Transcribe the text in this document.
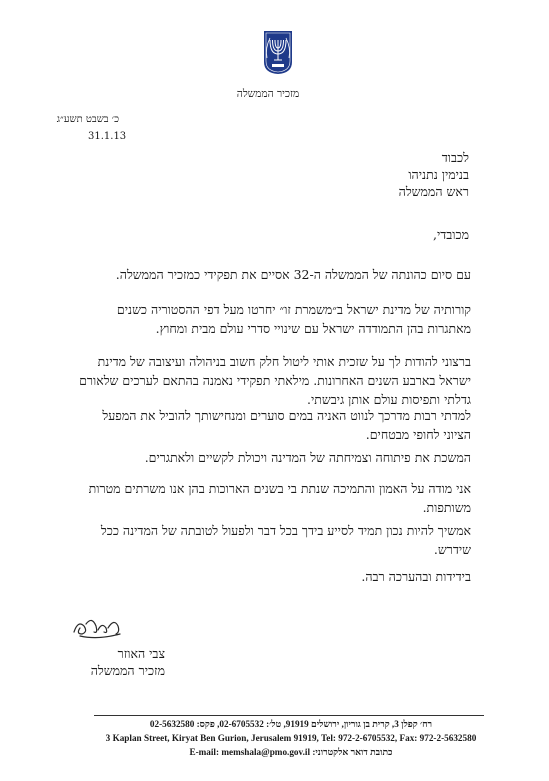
מזכיר הממשלה
כ׳ בשבט תשע״ג
31.1.13
לכבוד
בנימין נתניהו
ראש הממשלה
מכובדי,
עם סיום כהונתה של הממשלה ה-32 אסיים את תפקידי כמזכיר הממשלה.
קורותיה של מדינת ישראל ב״משמרת זו״ יחרטו מעל דפי ההסטוריה כשנים
מאתגרות בהן התמודדה ישראל עם שינויי סדרי עולם מבית ומחוץ.
ברצוני להודות לך על שזכית אותי ליטול חלק חשוב בניהולה ועיצובה של מדינת
ישראל בארבע השנים האחרונות. מילאתי תפקידי נאמנה בהתאם לערכים שלאורם
גדלתי ותפיסות עולם אותן גיבשתי.
למדתי רבות מדרכך לנווט האניה במים סוערים ומנחישותך להוביל את המפעל
הציוני לחופי מבטחים.
המשכת את פיתוחה וצמיחתה של המדינה ויכולת לקשיים ולאתגרים.
אני מודה על האמון והתמיכה שנתת בי בשנים הארוכות בהן אנו משרתים מטרות
משותפות.
אמשיך להיות נכון תמיד לסייע בידך בכל דבר ולפעול לטובתה של המדינה ככל
שידרש.
בידידות ובהערכה רבה.
צבי האוזר
מזכיר הממשלה
רח׳ קפלן 3, קרית בן גוריון, ירושלים 91919, טל׳: 02-6705532, פקס: 02-5632580
3 Kaplan Street, Kiryat Ben Gurion, Jerusalem 91919, Tel: 972-2-6705532, Fax: 972-2-5632580
E-mail: memshala@pmo.gov.il :כתובת דואר אלקטרוני
